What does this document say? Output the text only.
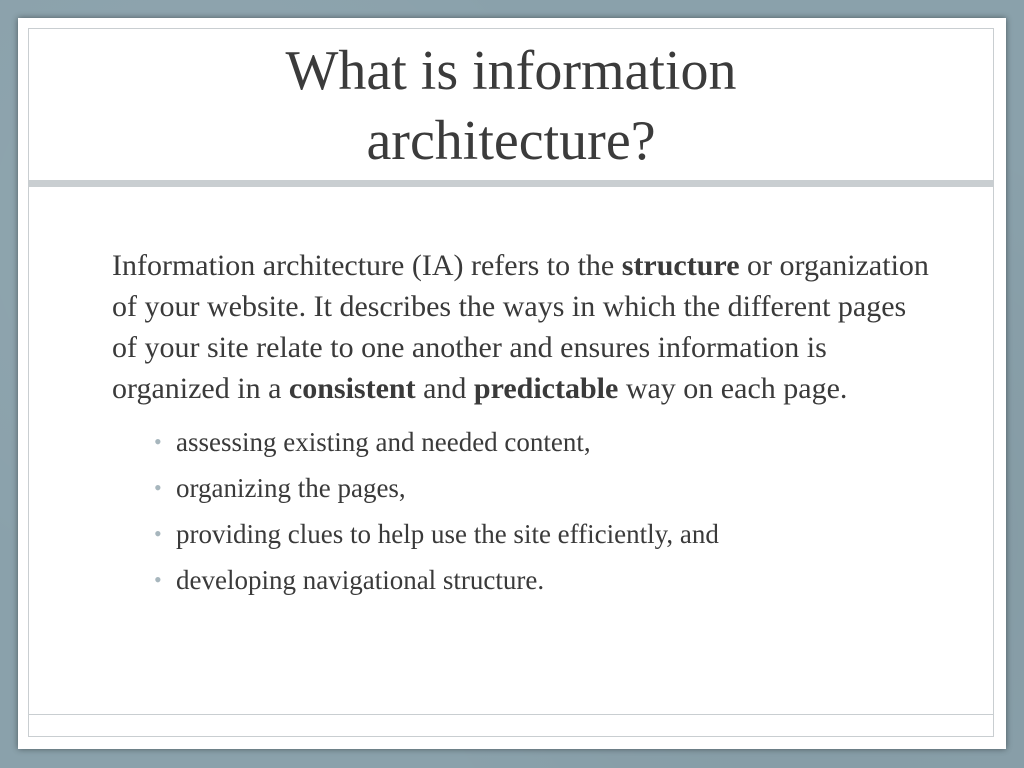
What is information
architecture?

Information architecture (IA) refers to the structure or organization of your website. It describes the ways in which the different pages of your site relate to one another and ensures information is organized in a consistent and predictable way on each page.

• assessing existing and needed content,
• organizing the pages,
• providing clues to help use the site efficiently, and
• developing navigational structure.
